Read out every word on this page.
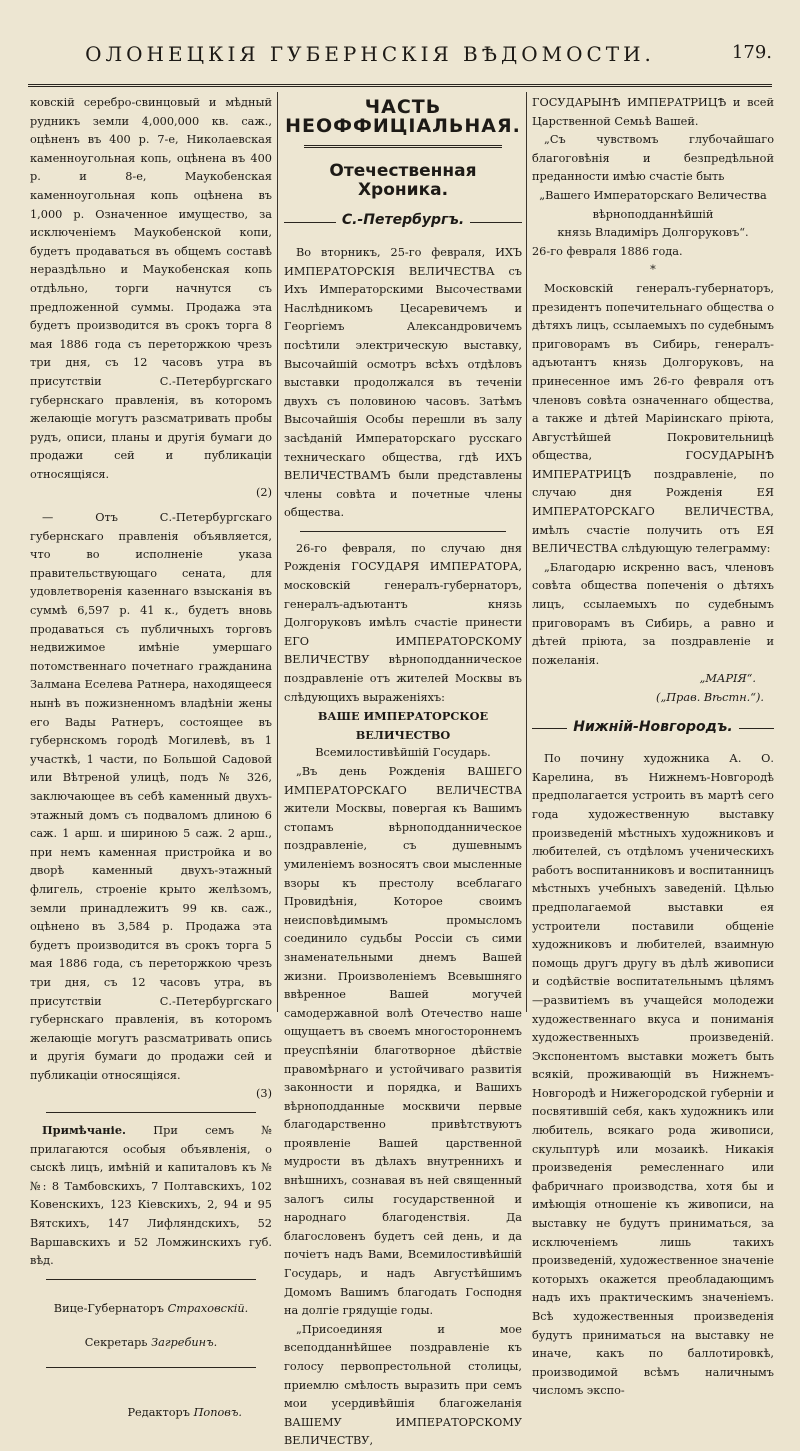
ОЛОНЕЦКІЯ ГУБЕРНСКІЯ ВѢДОМОСТИ.	179.

ковскій серебро-свинцовый и мѣдный рудникъ земли 4,000,000 кв. саж., оцѣненъ въ 400 р. 7-е, Николаевская каменноугольная копь, оцѣнена въ 400 р. и 8-е, Маукобенская каменноугольная копь оцѣнена въ 1,000 р. Означенное имущество, за исключеніемъ Маукобенской копи, будетъ продаваться въ общемъ составѣ нераздѣльно и Маукобенская копь отдѣльно, торги начнутся съ предложенной суммы. Продажа эта будетъ производится въ срокъ торга 8 мая 1886 года съ переторжкою чрезъ три дня, съ 12 часовъ утра въ присутствіи С.-Петербургскаго губернскаго правленія, въ которомъ желающіе могутъ разсматривать пробы рудъ, описи, планы и другія бумаги до продажи сей и публикаціи относящіяся.

(2)

— Отъ С.-Петербургскаго губернскаго правленія объявляется, что во исполненіе указа правительствующаго сената, для удовлетворенія казеннаго взысканія въ суммѣ 6,597 р. 41 к., будетъ вновь продаваться съ публичныхъ торговъ недвижимое имѣніе умершаго потомственнаго почетнаго гражданина Залмана Еселева Ратнера, находящееся нынѣ въ пожизненномъ владѣніи жены его Вады Ратнеръ, состоящее въ губернскомъ городѣ Могилевѣ, въ 1 участкѣ, 1 части, по Большой Садовой или Вѣтреной улицѣ, подъ № 326, заключающее въ себѣ каменный двухъ-этажный домъ съ подваломъ длиною 6 саж. 1 арш. и шириною 5 саж. 2 арш., при немъ каменная пристройка и во дворѣ каменный двухъ-этажный флигель, строеніе крыто желѣзомъ, земли принадлежитъ 99 кв. саж., оцѣнено въ 3,584 р. Продажа эта будетъ производится въ срокъ торга 5 мая 1886 года, съ переторжкою чрезъ три дня, съ 12 часовъ утра, въ присутствіи С.-Петербургскаго губернскаго правленія, въ которомъ желающіе могутъ разсматривать опись и другія бумаги до продажи сей и публикаціи относящіяся.

(3)

Примѣчаніе. При семъ № прилагаются особыя объявленія, о сыскѣ лицъ, имѣній и капиталовъ къ №№: 8 Тамбовскихъ, 7 Полтавскихъ, 102 Ковенскихъ, 123 Кіевскихъ, 2, 94 и 95 Вятскихъ, 147 Лифляндскихъ, 52 Варшавскихъ и 52 Ломжинскихъ губ. вѣд.

Вице-Губернаторъ Страховскій.

Секретарь Загребинъ.

Редакторъ Поповъ.

ЧАСТЬ НЕОФФИЦІАЛЬНАЯ.
Отечественная Хроника.
С.-Петербургъ.

Во вторникъ, 25-го февраля, ИХЪ ИМПЕРАТОРСКІЯ ВЕЛИЧЕСТВА съ Ихъ Императорскими Высочествами Наслѣдникомъ Цесаревичемъ и Георгіемъ Александровичемъ посѣтили электрическую выставку, Высочайшій осмотръ всѣхъ отдѣловъ выставки продолжался въ теченіи двухъ съ половиною часовъ. Затѣмъ Высочайшія Особы перешли въ залу засѣданій Императорскаго русскаго техническаго общества, гдѣ ИХЪ ВЕЛИЧЕСТВАМЪ были представлены члены совѣта и почетные члены общества.

26-го февраля, по случаю дня Рожденія ГОСУДАРЯ ИМПЕРАТОРА, московскій генералъ-губернаторъ, генералъ-адъютантъ князь Долгоруковъ имѣлъ счастіе принести ЕГО ИМПЕРАТОРСКОМУ ВЕЛИЧЕСТВУ вѣрноподданническое поздравленіе отъ жителей Москвы въ слѣдующихъ выраженіяхъ:

ВАШЕ ИМПЕРАТОРСКОЕ ВЕЛИЧЕСТВО

Всемилостивѣйшій Государь.

„Въ день Рожденія ВАШЕГО ИМПЕРАТОРСКАГО ВЕЛИЧЕСТВА жители Москвы, повергая къ Вашимъ стопамъ вѣрноподданническое поздравленіе, съ душевнымъ умиленіемъ возносятъ свои мысленные взоры къ престолу всеблагаго Провидѣнія, Которое своимъ неисповѣдимымъ промысломъ соединило судьбы Россіи съ сими знаменательными днемъ Вашей жизни. Произволеніемъ Всевышняго ввѣренное Вашей могучей самодержавной волѣ Отечество наше ощущаетъ въ своемъ многостороннемъ преуспѣяніи благотворное дѣйствіе правомѣрнаго и устойчиваго развитія законности и порядка, и Вашихъ вѣрноподданные москвичи первые благодарственно привѣтствуютъ проявленіе Вашей царственной мудрости въ дѣлахъ внутреннихъ и внѣшнихъ, сознавая въ ней священный залогъ силы государственной и народнаго благоденствія. Да благословенъ будетъ сей день, и да почіетъ надъ Вами, Всемилостивѣйшій Государь, и надъ Августѣйшимъ Домомъ Вашимъ благодать Господня на долгіе грядущіе годы.

„Присоединяя и мое всеподданнѣйшее поздравленіе къ голосу первопрестольной столицы, приемлю смѣлость выразить при семъ мои усердивѣйшія благожеланія ВАШЕМУ ИМПЕРАТОРСКОМУ ВЕЛИЧЕСТВУ,

ГОСУДАРЫНѢ ИМПЕРАТРИЦѢ и всей Царственной Семьѣ Вашей.

„Съ чувствомъ глубочайшаго благоговѣнія и безпредѣльной преданности имѣю счастіе быть

„Вашего Императорскаго Величества

вѣрноподданнѣйшій

князь Владиміръ Долгоруковъ“.

26-го февраля 1886 года.

*

Московскій генералъ-губернаторъ, президентъ попечительнаго общества о дѣтяхъ лицъ, ссылаемыхъ по судебнымъ приговорамъ въ Сибирь, генералъ-адъютантъ князь Долгоруковъ, на принесенное имъ 26-го февраля отъ членовъ совѣта означеннаго общества, а также и дѣтей Маріинскаго пріюта, Августѣйшей Покровительницѣ общества, ГОСУДАРЫНѢ ИМПЕРАТРИЦѢ поздравленіе, по случаю дня Рожденія ЕЯ ИМПЕРАТОРСКАГО ВЕЛИЧЕСТВА, имѣлъ счастіе получить отъ ЕЯ ВЕЛИЧЕСТВА слѣдующую телеграмму:

„Благодарю искренно васъ, членовъ совѣта общества попеченія о дѣтяхъ лицъ, ссылаемыхъ по судебнымъ приговорамъ въ Сибирь, а равно и дѣтей пріюта, за поздравленіе и пожеланія.

„МАРІЯ“.

(„Прав. Вѣстн.“).

Нижній-Новгородъ.

По почину художника А. О. Карелина, въ Нижнемъ-Новгородѣ предполагается устроить въ мартѣ сего года художественную выставку произведеній мѣстныхъ художниковъ и любителей, съ отдѣломъ ученическихъ работъ воспитанниковъ и воспитанницъ мѣстныхъ учебныхъ заведеній. Цѣлью предполагаемой выставки ея устроители поставили общеніе художниковъ и любителей, взаимную помощь другъ другу въ дѣлѣ живописи и содѣйствіе воспитательнымъ цѣлямъ—развитіемъ въ учащейся молодежи художественнаго вкуса и пониманія художественныхъ произведеній. Экспонентомъ выставки можетъ быть всякій, проживающій въ Нижнемъ-Новгородѣ и Нижегородской губерніи и посвятившій себя, какъ художникъ или любитель, всякаго рода живописи, скульптурѣ или мозаикѣ. Никакія произведенія ремесленнаго или фабричнаго производства, хотя бы и имѣющія отношеніе къ живописи, на выставку не будутъ приниматься, за исключеніемъ лишь такихъ произведеній, художественное значеніе которыхъ окажется преобладающимъ надъ ихъ практическимъ значеніемъ. Всѣ художественныя произведенія будутъ приниматься на выставку не иначе, какъ по баллотировкѣ, производимой всѣмъ наличнымъ числомъ экспо-
